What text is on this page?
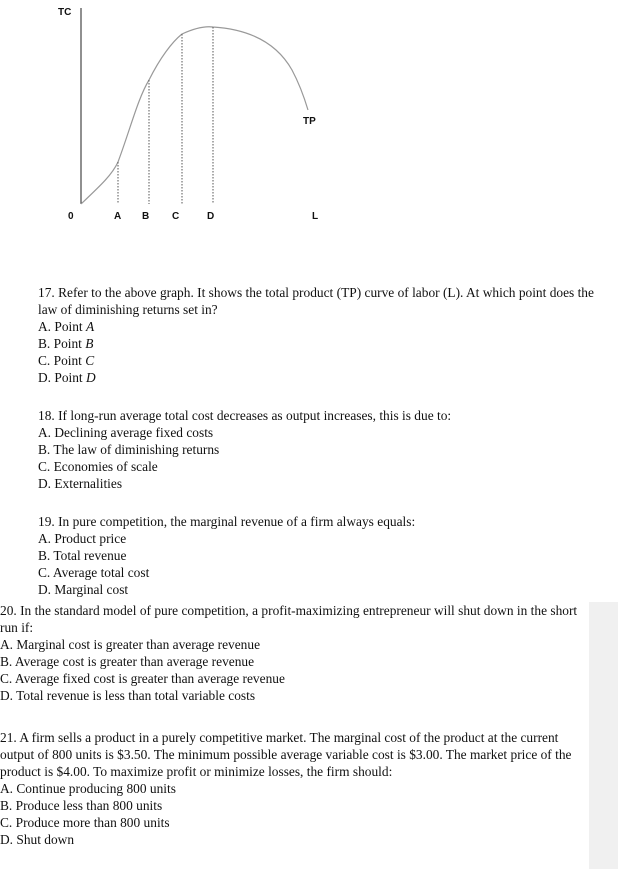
TC
TP
0	A B C	D	L

17. Refer to the above graph. It shows the total product (TP) curve of labor (L). At which point does the law of diminishing returns set in?

A. Point A

B. Point B

C. Point C

D. Point D

18. If long-run average total cost decreases as output increases, this is due to:

A. Declining average fixed costs

B. The law of diminishing returns

C. Economies of scale

D. Externalities

19. In pure competition, the marginal revenue of a firm always equals:

A. Product price

B. Total revenue

C. Average total cost

D. Marginal cost

20. In the standard model of pure competition, a profit-maximizing entrepreneur will shut down in the short run if:

A. Marginal cost is greater than average revenue

B. Average cost is greater than average revenue

C. Average fixed cost is greater than average revenue

D. Total revenue is less than total variable costs

21. A firm sells a product in a purely competitive market. The marginal cost of the product at the current output of 800 units is $3.50. The minimum possible average variable cost is $3.00. The market price of the product is $4.00. To maximize profit or minimize losses, the firm should:

A. Continue producing 800 units

B. Produce less than 800 units

C. Produce more than 800 units

D. Shut down
